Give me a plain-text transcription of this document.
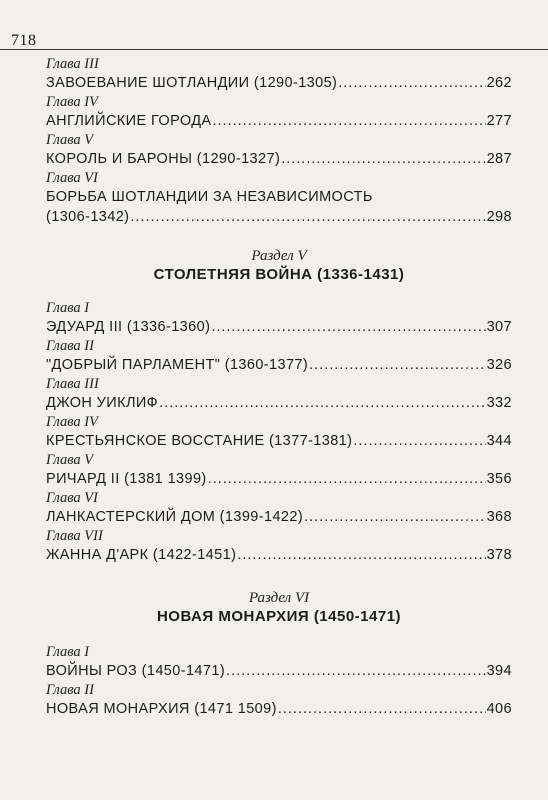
718
Глава III
ЗАВОЕВАНИЕ ШОТЛАНДИИ (1290-1305) .....	262
Глава IV
АНГЛИЙСКИЕ ГОРОДА .....	277
Глава V
КОРОЛЬ И БАРОНЫ (1290-1327) .....	287
Глава VI
БОРЬБА ШОТЛАНДИИ ЗА НЕЗАВИСИМОСТЬ
(1306-1342) .....	298
Раздел V
СТОЛЕТНЯЯ ВОЙНА (1336-1431)
Глава I
ЭДУАРД III (1336-1360) .....	307
Глава II
"ДОБРЫЙ ПАРЛАМЕНТ" (1360-1377) .....	326
Глава III
ДЖОН УИКЛИФ .....	332
Глава IV
КРЕСТЬЯНСКОЕ ВОССТАНИЕ (1377-1381) .....	344
Глава V
РИЧАРД II (1381 1399) .....	356
Глава VI
ЛАНКАСТЕРСКИЙ ДОМ (1399-1422) .....	368
Глава VII
ЖАННА Д'АРК (1422-1451) .....	378
Раздел VI
НОВАЯ МОНАРХИЯ (1450-1471)
Глава I
ВОЙНЫ РОЗ (1450-1471) .....	394
Глава II
НОВАЯ МОНАРХИЯ (1471 1509) .....	406
